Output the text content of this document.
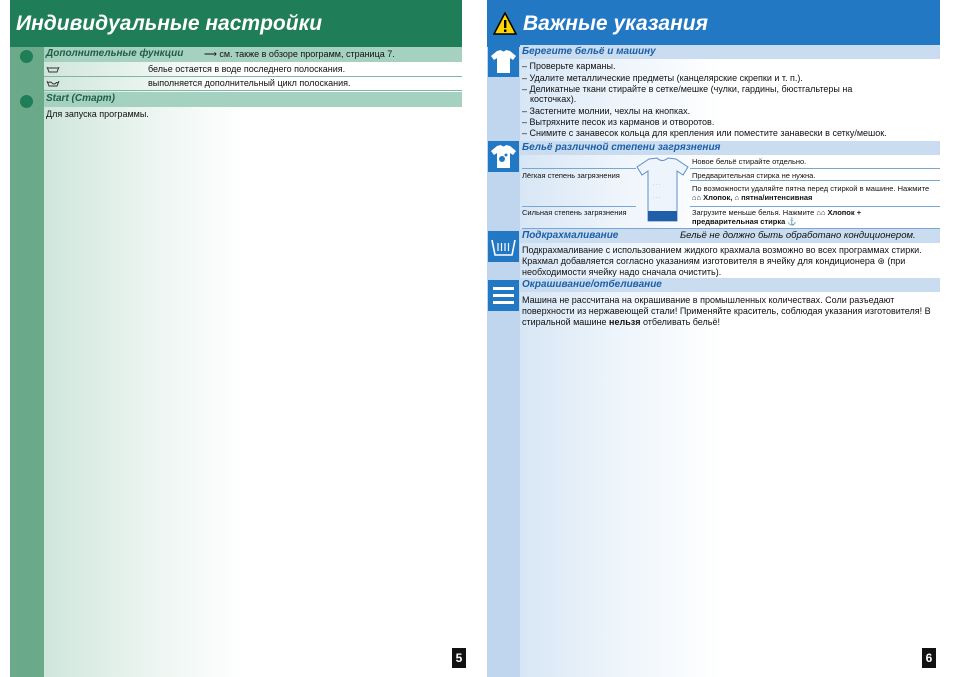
Индивидуальные настройки
Дополнительные функции ⟶ см. также в обзоре программ, страница 7.
белье остается в воде последнего полоскания.
выполняется дополнительный цикл полоскания.
Start (Старт)
Для запуска программы.
5
Важные указания
Берегите бельё и машину
– Проверьте карманы.
– Удалите металлические предметы (канцелярские скрепки и т. п.).
– Деликатные ткани стирайте в сетке/мешке (чулки, гардины, бюстгальтеры на
косточках).
– Застегните молнии, чехлы на кнопках.
– Вытряхните песок из карманов и отворотов.
– Снимите с занавесок кольца для крепления или поместите занавески в сетку/мешок.
Бельё различной степени загрязнения
· · ·
· · ·
Новое бельё стирайте отдельно.
Лёгкая степень загрязнения	Предварительная стирка не нужна.
По возможности удаляйте пятна перед стиркой в машине. Нажмите
⌂⌂ Хлопок, ⌂ пятна/интенсивная
Сильная степень загрязнения	Загрузите меньше белья. Нажмите ⌂⌂ Хлопок +
предварительная стирка ⚓
Подкрахмаливание	Бельё не должно быть обработано кондиционером.
Подкрахмаливание с использованием жидкого крахмала возможно во всех программах стирки. Крахмал добавляется согласно указаниям изготовителя в ячейку для кондиционера ⊛ (при необходимости ячейку надо сначала очистить).
Окрашивание/отбеливание
Машина не рассчитана на окрашивание в промышленных количествах. Соли разъедают поверхности из нержавеющей стали! Применяйте краситель, соблюдая указания изготовителя! В стиральной машине нельзя отбеливать бельё!
6
